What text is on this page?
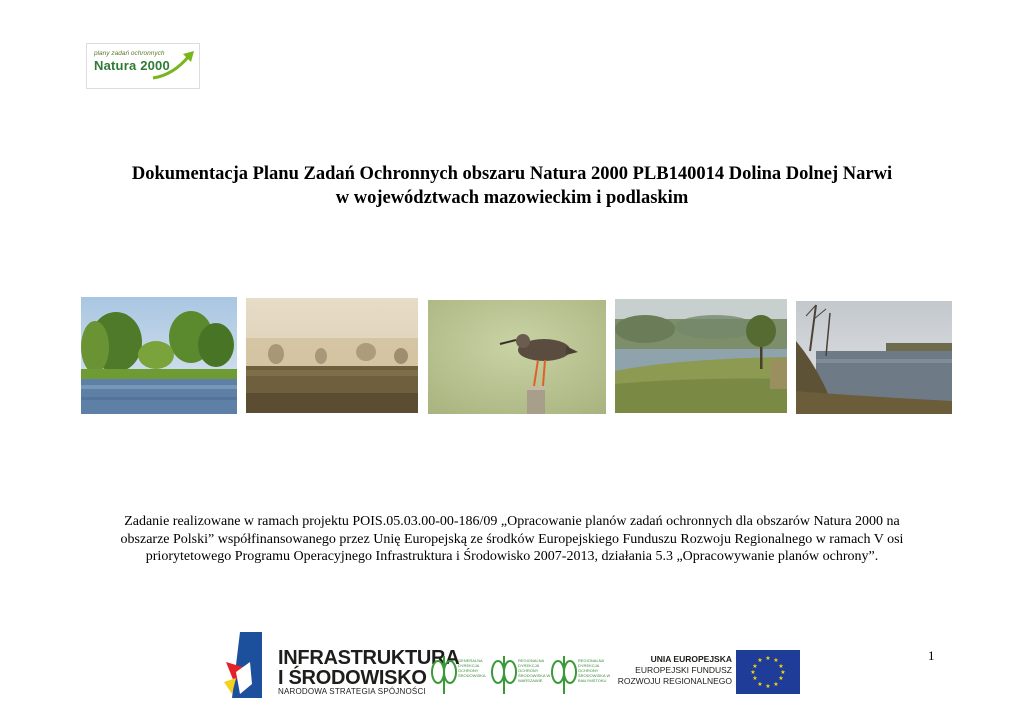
plany zadań ochronnych
Natura 2000
Dokumentacja Planu Zadań Ochronnych obszaru Natura 2000 PLB140014 Dolina Dolnej Narwi
w województwach mazowieckim i podlaskim
Zadanie realizowane w ramach projektu POIS.05.03.00-00-186/09 „Opracowanie planów zadań ochronnych dla obszarów Natura 2000 na
obszarze Polski” współfinansowanego przez Unię Europejską ze środków Europejskiego Funduszu Rozwoju Regionalnego w ramach V osi
priorytetowego Programu Operacyjnego Infrastruktura i Środowisko 2007-2013, działania 5.3 „Opracowywanie planów ochrony”.
INFRASTRUKTURA
I ŚRODOWISKO
NARODOWA STRATEGIA SPÓJNOŚCI
GENERALNA DYREKCJA OCHRONY ŚRODOWISKA
REGIONALNA DYREKCJA OCHRONY ŚRODOWISKA W WARSZAWIE
REGIONALNA DYREKCJA OCHRONY ŚRODOWISKA W BIAŁYMSTOKU
UNIA EUROPEJSKA
EUROPEJSKI FUNDUSZ
ROZWOJU REGIONALNEGO
★ ★
★
★
★
★
★
★
★
★
★
★	1
